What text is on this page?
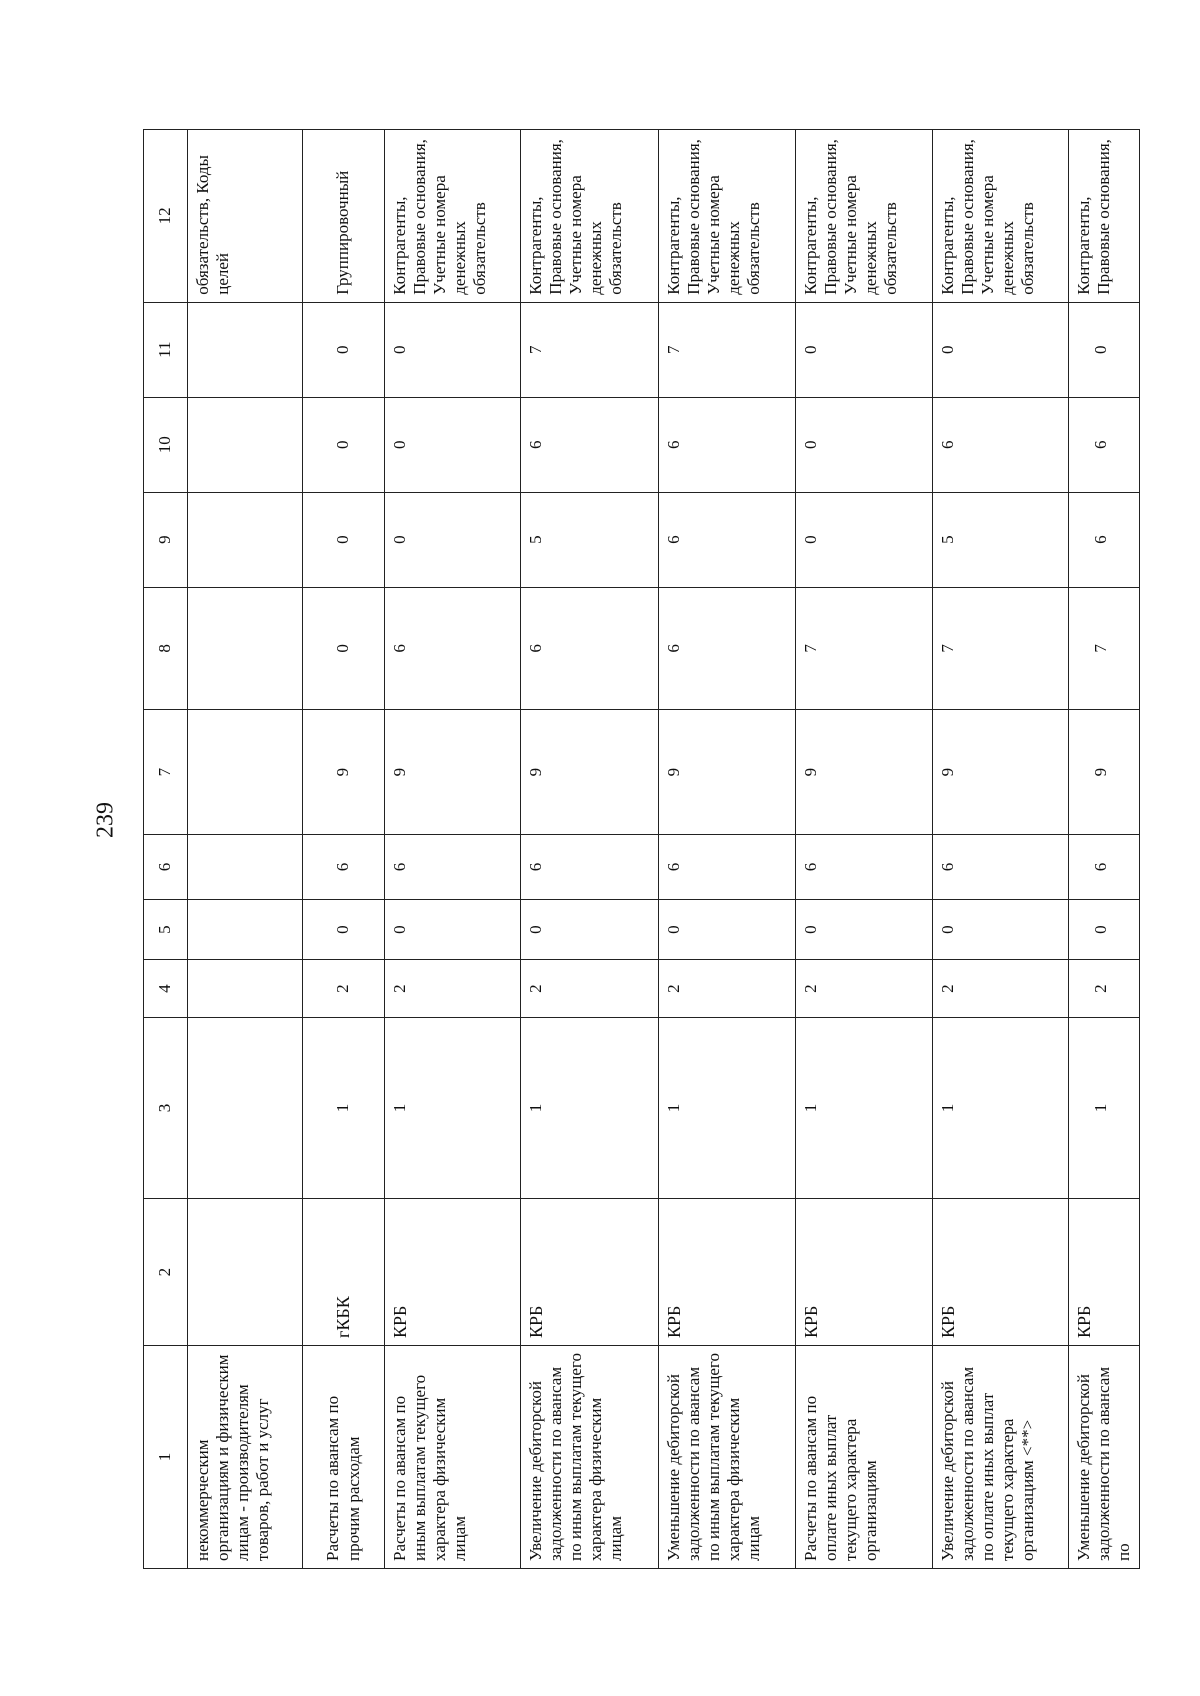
239
1	2	3	4	5	6	7	8	9	10	11	12
некоммерческим организациям и физическим лицам - производителям товаров, работ и услуг											обязательств, Коды целей
Расчеты по авансам по прочим расходам	гКБК	1	2	0	6	9	0	0	0	0	Группировочный
Расчеты по авансам по иным выплатам текущего характера физическим лицам	КРБ	1	2	0	6	9	6	0	0	0	Контрагенты, Правовые основания, Учетные номера денежных обязательств
Увеличение дебиторской задолженности по авансам по иным выплатам текущего характера физическим лицам	КРБ	1	2	0	6	9	6	5	6	7	Контрагенты, Правовые основания, Учетные номера денежных обязательств
Уменьшение дебиторской задолженности по авансам по иным выплатам текущего характера физическим лицам	КРБ	1	2	0	6	9	6	6	6	7	Контрагенты, Правовые основания, Учетные номера денежных обязательств
Расчеты по авансам по оплате иных выплат текущего характера организациям	КРБ	1	2	0	6	9	7	0	0	0	Контрагенты, Правовые основания, Учетные номера денежных обязательств
Увеличение дебиторской задолженности по авансам по оплате иных выплат текущего характера организациям <**>	КРБ	1	2	0	6	9	7	5	6	0	Контрагенты, Правовые основания, Учетные номера денежных обязательств
Уменьшение дебиторской задолженности по авансам по	КРБ	1	2	0	6	9	7	6	6	0	Контрагенты, Правовые основания,
